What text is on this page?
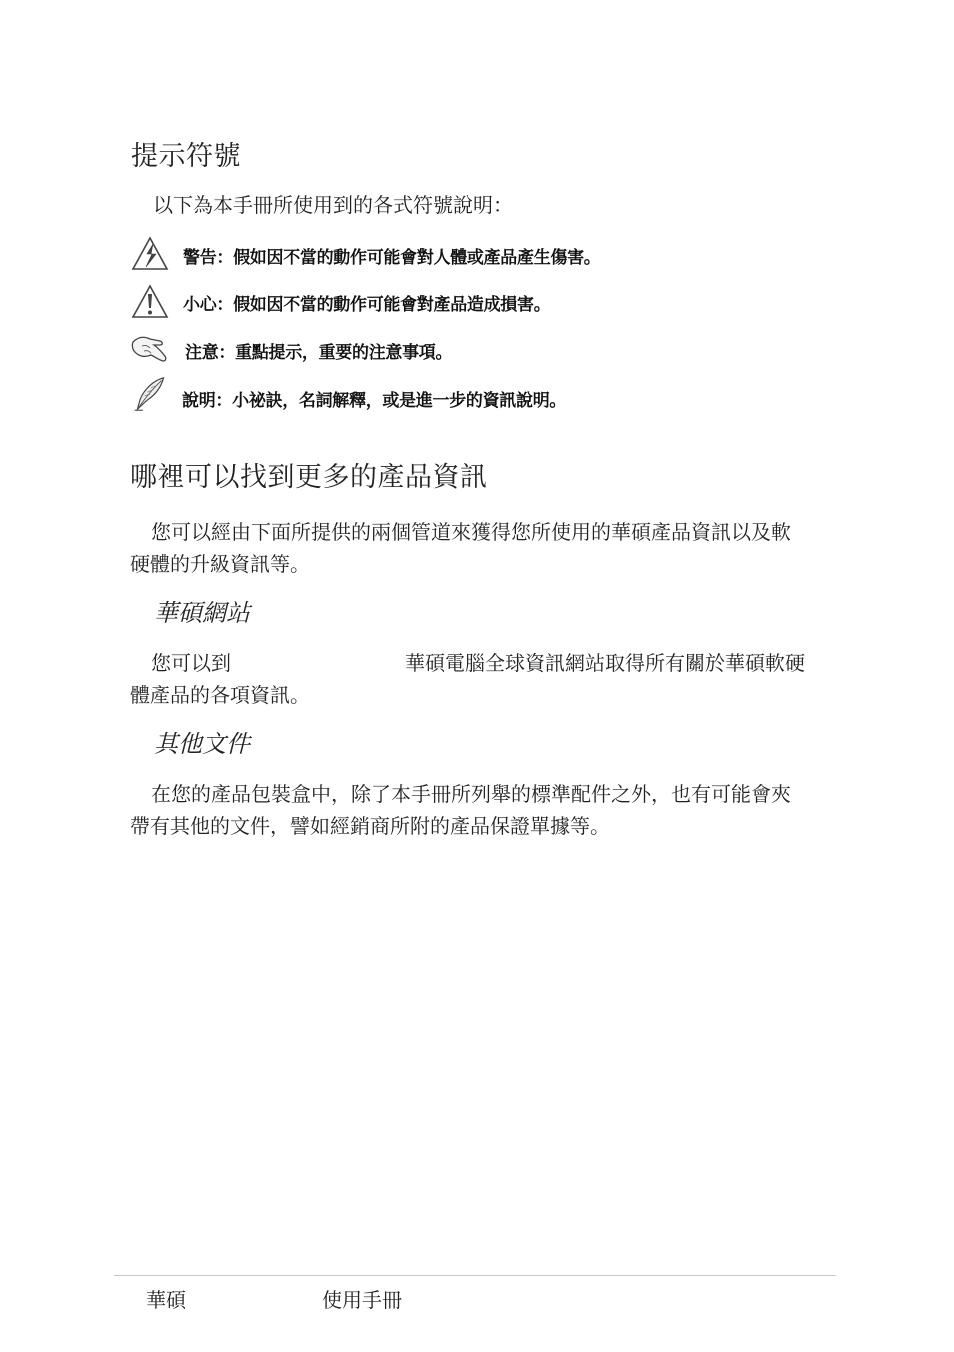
提示符號
以下為本手冊所使用到的各式符號說明：
警告：假如因不當的動作可能會對人體或產品產生傷害。
小心：假如因不當的動作可能會對產品造成損害。
注意：重點提示，重要的注意事項。
說明：小祕訣，名詞解釋，或是進一步的資訊說明。
哪裡可以找到更多的產品資訊
您可以經由下面所提供的兩個管道來獲得您所使用的華碩產品資訊以及軟
硬體的升級資訊等。
華碩網站
您可以到	華碩電腦全球資訊網站取得所有關於華碩軟硬
體產品的各項資訊。
其他文件
在您的產品包裝盒中，除了本手冊所列舉的標準配件之外，也有可能會夾
帶有其他的文件，譬如經銷商所附的產品保證單據等。
華碩	使用手冊
